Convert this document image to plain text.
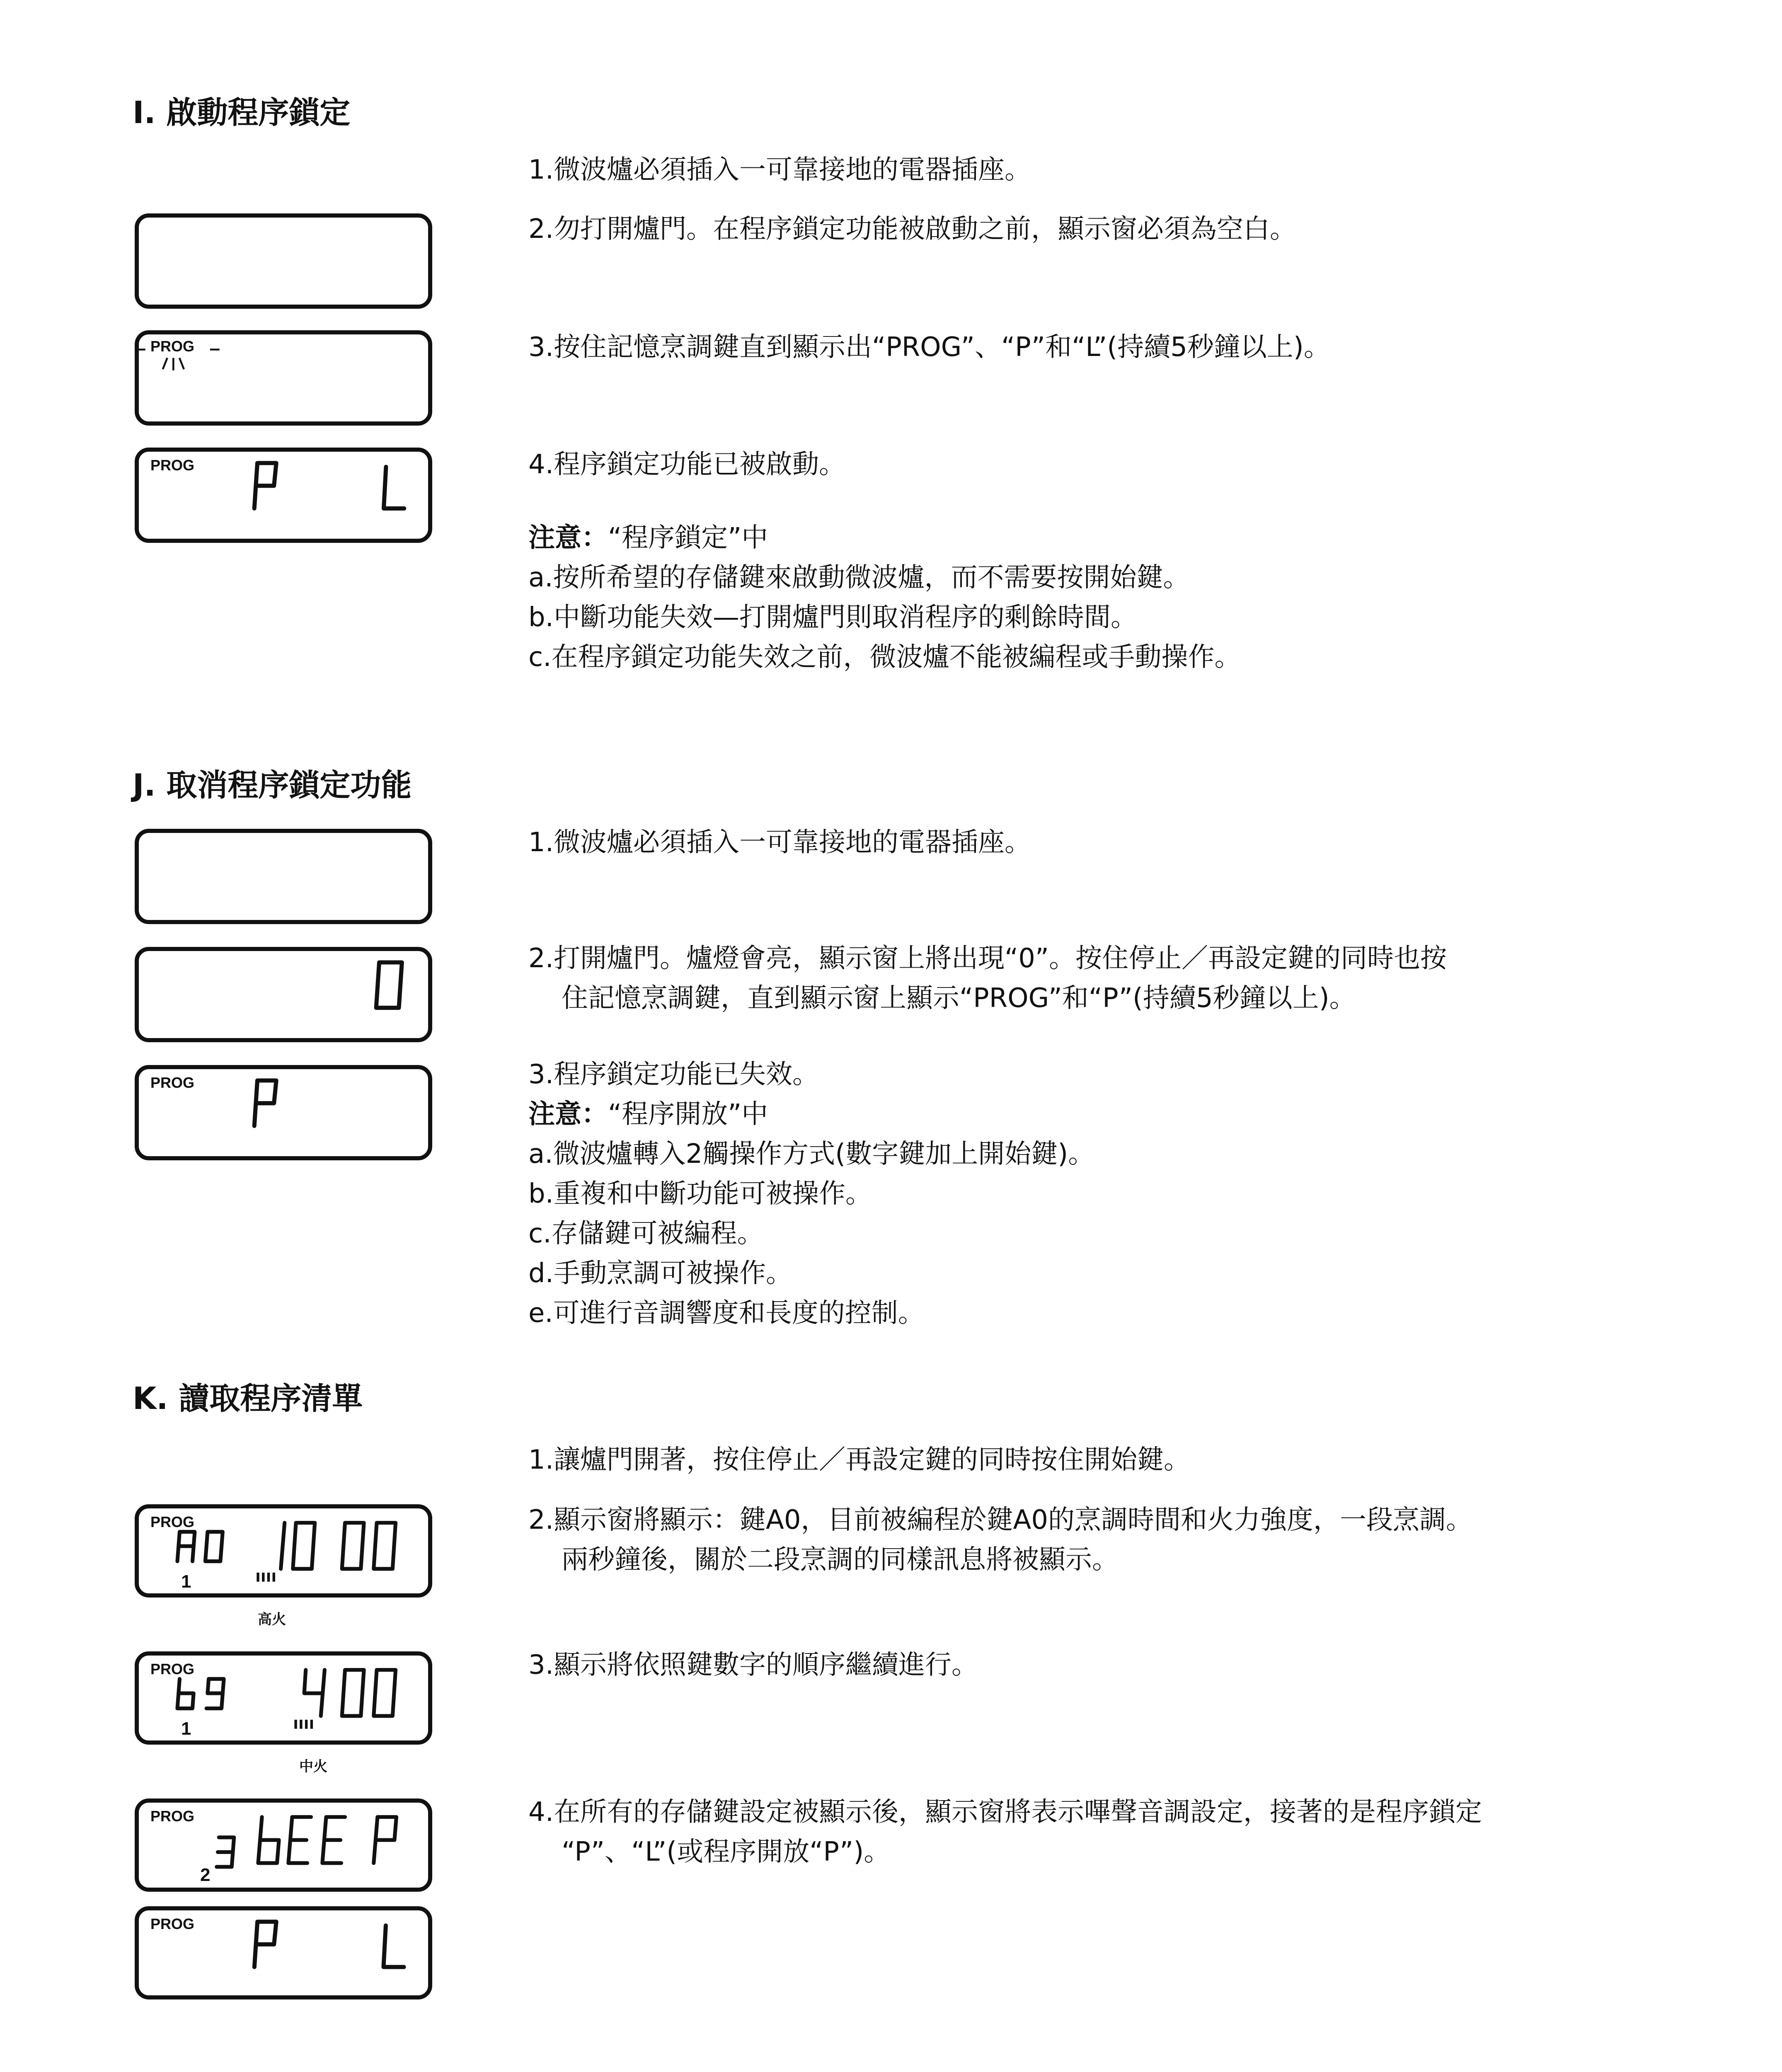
I. 啟動程序鎖定
1.微波爐必須插入一可靠接地的電器插座。
2.勿打開爐門。在程序鎖定功能被啟動之前，顯示窗必須為空白。
3.按住記憶烹調鍵直到顯示出“PROG”、“P”和“L”(持續5秒鐘以上)。
4.程序鎖定功能已被啟動。
注意：“程序鎖定”中
a.按所希望的存儲鍵來啟動微波爐，而不需要按開始鍵。
b.中斷功能失效—打開爐門則取消程序的剩餘時間。
c.在程序鎖定功能失效之前，微波爐不能被編程或手動操作。
PROG
PROG
J. 取消程序鎖定功能
1.微波爐必須插入一可靠接地的電器插座。
2.打開爐門。爐燈會亮，顯示窗上將出現“0”。按住停止／再設定鍵的同時也按
住記憶烹調鍵，直到顯示窗上顯示“PROG”和“P”(持續5秒鐘以上)。
3.程序鎖定功能已失效。
注意：“程序開放”中
a.微波爐轉入2觸操作方式(數字鍵加上開始鍵)。
b.重複和中斷功能可被操作。
c.存儲鍵可被編程。
d.手動烹調可被操作。
e.可進行音調響度和長度的控制。
PROG
K. 讀取程序清單
1.讓爐門開著，按住停止／再設定鍵的同時按住開始鍵。
2.顯示窗將顯示：鍵A0，目前被編程於鍵A0的烹調時間和火力強度，一段烹調。
兩秒鐘後，關於二段烹調的同樣訊息將被顯示。
3.顯示將依照鍵數字的順序繼續進行。
4.在所有的存儲鍵設定被顯示後，顯示窗將表示嗶聲音調設定，接著的是程序鎖定
“P”、“L”(或程序開放“P”)。
PROG
1
高火
PROG
1
中火
PROG
2
PROG
